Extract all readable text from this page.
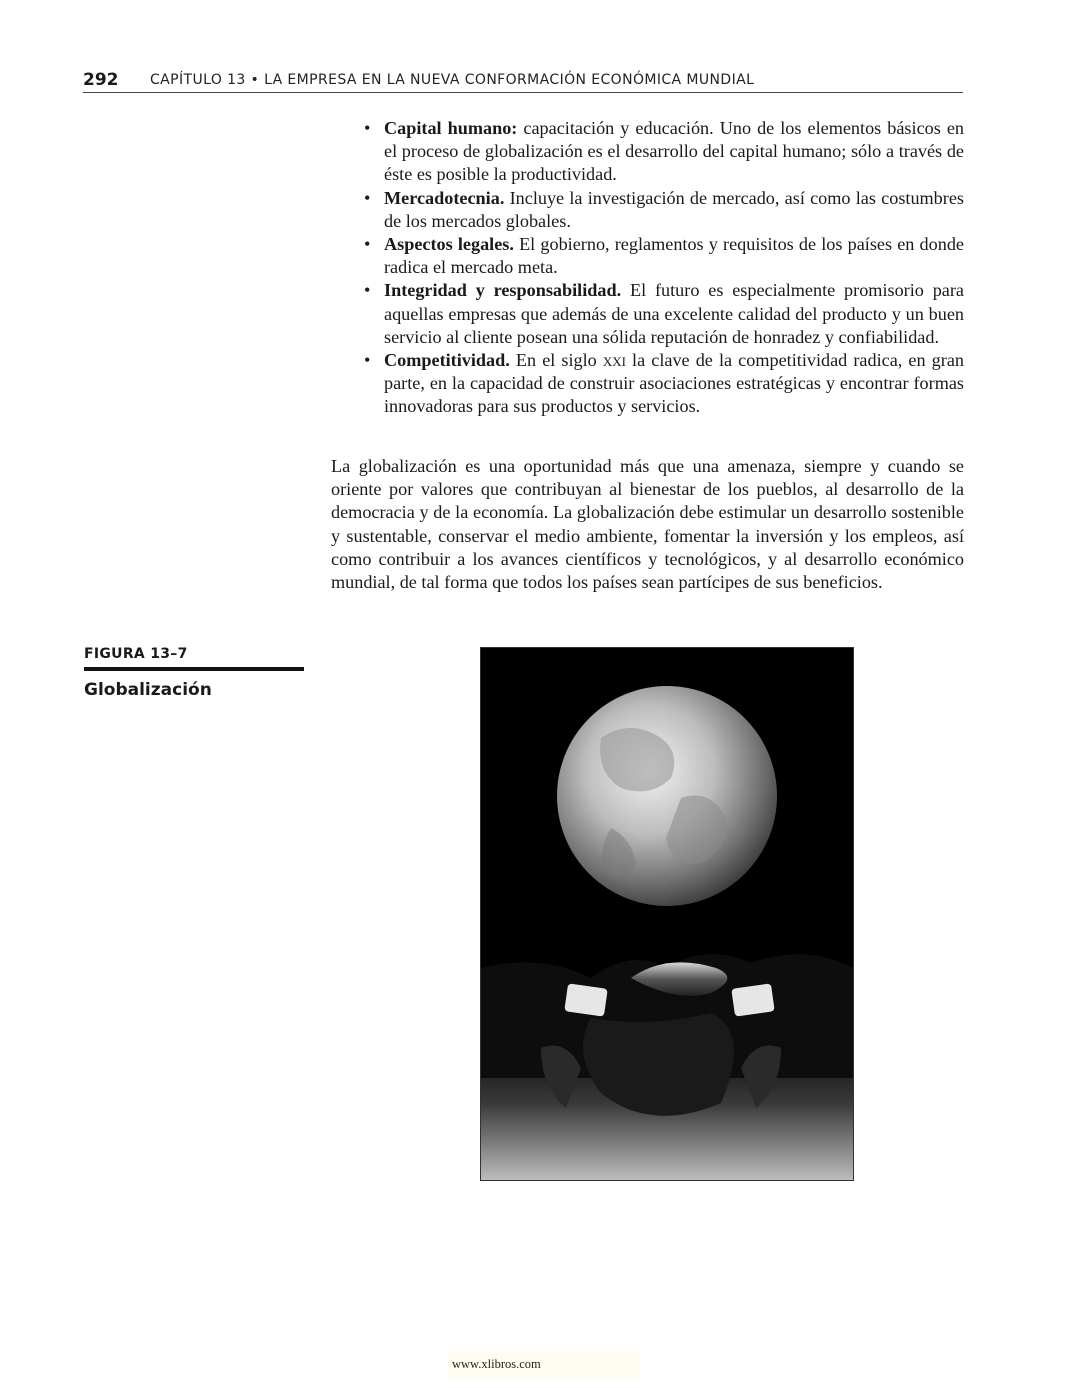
292 CAPÍTULO 13 • LA EMPRESA EN LA NUEVA CONFORMACIÓN ECONÓMICA MUNDIAL
• Capital humano: capacitación y educación. Uno de los elementos básicos en el proceso de globalización es el desarrollo del capital humano; sólo a través de éste es posible la productividad.
• Mercadotecnia. Incluye la investigación de mercado, así como las costumbres de los mercados globales.
• Aspectos legales. El gobierno, reglamentos y requisitos de los países en donde radica el mercado meta.
• Integridad y responsabilidad. El futuro es especialmente promisorio para aquellas empresas que además de una excelente calidad del producto y un buen servicio al cliente posean una sólida reputación de honradez y confiabilidad.
• Competitividad. En el siglo xxi la clave de la competitividad radica, en gran parte, en la capacidad de construir asociaciones estratégicas y encontrar formas innovadoras para sus productos y servicios.

La globalización es una oportunidad más que una amenaza, siempre y cuando se oriente por valores que contribuyan al bienestar de los pueblos, al desarrollo de la democracia y de la economía. La globalización debe estimular un desarrollo sostenible y sustentable, conservar el medio ambiente, fomentar la inversión y los empleos, así como contribuir a los avances científicos y tecnológicos, y al desarrollo económico mundial, de tal forma que todos los países sean partícipes de sus beneficios.

FIGURA 13–7
Globalización
www.xlibros.com
